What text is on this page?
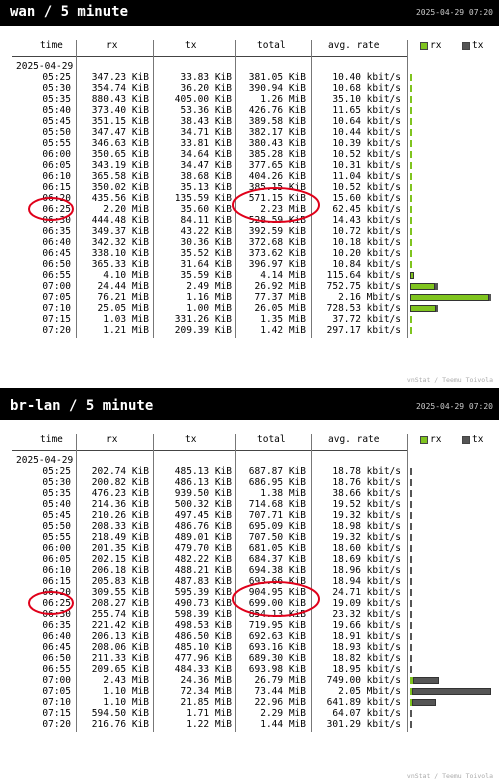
wan / 5 minute	2025-04-29 07:20
time	rx	tx	total	avg. rate	rx	tx
2025-04-29
05:25 347.23 KiB	33.83 KiB 381.05 KiB	10.40 kbit/s
05:30 354.74 KiB	36.20 KiB 390.94 KiB	10.68 kbit/s
05:35 880.43 KiB	405.00 KiB	1.26 MiB	35.10 kbit/s
05:40 373.40 KiB	53.36 KiB 426.76 KiB	11.65 kbit/s
05:45 351.15 KiB	38.43 KiB 389.58 KiB	10.64 kbit/s
05:50 347.47 KiB	34.71 KiB 382.17 KiB	10.44 kbit/s
05:55 346.63 KiB	33.81 KiB 380.43 KiB	10.39 kbit/s
06:00 350.65 KiB	34.64 KiB 385.28 KiB	10.52 kbit/s
06:05 343.19 KiB	34.47 KiB 377.65 KiB	10.31 kbit/s
06:10 365.58 KiB	38.68 KiB 404.26 KiB	11.04 kbit/s
06:15 350.02 KiB	35.13 KiB 385.15 KiB	10.52 kbit/s
06:20 435.56 KiB	135.59 KiB 571.15 KiB	15.60 kbit/s
06:25	2.20 MiB	35.60 KiB	2.23 MiB	62.45 kbit/s
06:30 444.48 KiB	84.11 KiB 528.59 KiB	14.43 kbit/s
06:35 349.37 KiB	43.22 KiB 392.59 KiB	10.72 kbit/s
06:40 342.32 KiB	30.36 KiB 372.68 KiB	10.18 kbit/s
06:45 338.10 KiB	35.52 KiB 373.62 KiB	10.20 kbit/s
06:50 365.33 KiB	31.64 KiB 396.97 KiB	10.84 kbit/s
06:55	4.10 MiB	35.59 KiB	4.14 MiB 115.64 kbit/s
07:00	24.44 MiB	2.49 MiB 26.92 MiB 752.75 kbit/s
07:05	76.21 MiB	1.16 MiB 77.37 MiB	2.16 Mbit/s
07:10	25.05 MiB	1.00 MiB 26.05 MiB 728.53 kbit/s
07:15	1.03 MiB	331.26 KiB	1.35 MiB	37.72 kbit/s
07:20	1.21 MiB	209.39 KiB	1.42 MiB 297.17 kbit/s
vnStat / Teemu Toivola
br-lan / 5 minute	2025-04-29 07:20
time	rx	tx	total	avg. rate	rx	tx
2025-04-29
05:25 202.74 KiB	485.13 KiB 687.87 KiB	18.78 kbit/s
05:30 200.82 KiB	486.13 KiB 686.95 KiB	18.76 kbit/s
05:35 476.23 KiB	939.50 KiB	1.38 MiB	38.66 kbit/s
05:40 214.36 KiB	500.32 KiB 714.68 KiB	19.52 kbit/s
05:45 210.26 KiB	497.45 KiB 707.71 KiB	19.32 kbit/s
05:50 208.33 KiB	486.76 KiB 695.09 KiB	18.98 kbit/s
05:55 218.49 KiB	489.01 KiB 707.50 KiB	19.32 kbit/s
06:00 201.35 KiB	479.70 KiB 681.05 KiB	18.60 kbit/s
06:05 202.15 KiB	482.22 KiB 684.37 KiB	18.69 kbit/s
06:10 206.18 KiB	488.21 KiB 694.38 KiB	18.96 kbit/s
06:15 205.83 KiB	487.83 KiB 693.66 KiB	18.94 kbit/s
06:20 309.55 KiB	595.39 KiB 904.95 KiB	24.71 kbit/s
06:25 208.27 KiB	490.73 KiB 699.00 KiB	19.09 kbit/s
06:30 255.74 KiB	598.39 KiB 854.13 KiB	23.32 kbit/s
06:35 221.42 KiB	498.53 KiB 719.95 KiB	19.66 kbit/s
06:40 206.13 KiB	486.50 KiB 692.63 KiB	18.91 kbit/s
06:45 208.06 KiB	485.10 KiB 693.16 KiB	18.93 kbit/s
06:50 211.33 KiB	477.96 KiB 689.30 KiB	18.82 kbit/s
06:55 209.65 KiB	484.33 KiB 693.98 KiB	18.95 kbit/s
07:00	2.43 MiB	24.36 MiB 26.79 MiB 749.00 kbit/s
07:05	1.10 MiB	72.34 MiB 73.44 MiB	2.05 Mbit/s
07:10	1.10 MiB	21.85 MiB 22.96 MiB 641.89 kbit/s
07:15 594.50 KiB	1.71 MiB	2.29 MiB	64.07 kbit/s
07:20 216.76 KiB	1.22 MiB	1.44 MiB 301.29 kbit/s
vnStat / Teemu Toivola
